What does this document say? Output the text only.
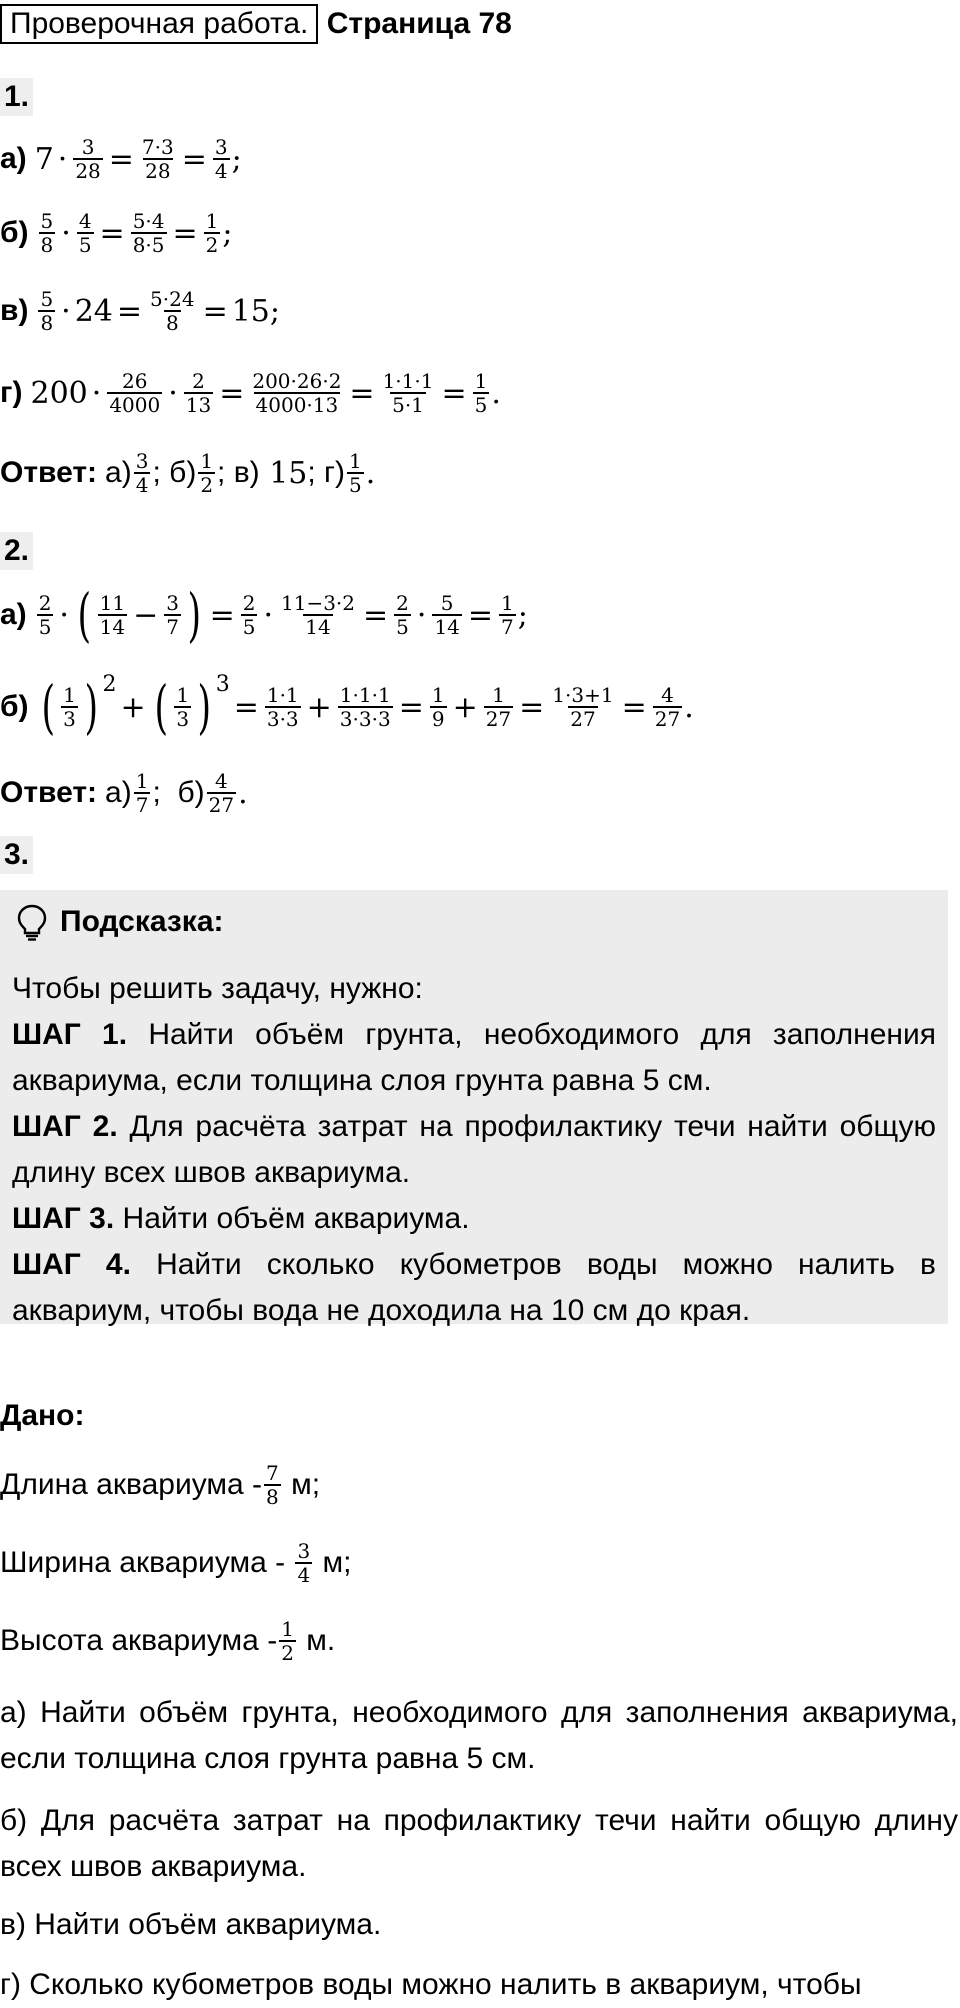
Проверочная работа. Страница 78
1.
а) $7 \cdot \frac{3}{28} = \frac{7\cdot 3}{28} = \frac{3}{4}$ ;
$б) \frac{5}{8} \cdot \frac{4}{5} = \frac{5\cdot 4}{8\cdot 5} = \frac{1}{2}$ ;
$в) \frac{5}{8} \cdot 24 = \frac{5\cdot 24}{8} = 15$ ;
г) $200 \cdot \frac{26}{4000} \cdot \frac{2}{13} = \frac{200\cdot 26\cdot 2}{4000\cdot 13} = \frac{1\cdot 1\cdot 1}{5\cdot 1} = \frac{1}{5}$ .
Ответ: $а) \frac{3}{4}$ ; $б) \frac{1}{2}$ ; в)
15 ; $г) \frac{1}{5}$ .
2.
$а) \frac{2}{5}$ · ( $\frac{11}{14} - \frac{3}{7}$ ) = $\frac{2}{5} \cdot \frac{11-3\cdot 2}{14} = \frac{2}{5} \cdot \frac{5}{14} = \frac{1}{7}$ ;
б) ( $\frac{1}{3}$ ) 2
+ ( $\frac{1}{3}$ ) 3
= $\frac{1\cdot 1}{3\cdot 3} + \frac{1\cdot 1\cdot 1}{3\cdot 3\cdot 3} = \frac{1}{9} + \frac{1}{27} = \frac{1\cdot 3+1}{27} = \frac{4}{27}$ .
Ответ: $а) \frac{1}{7}$ ;  $б) \frac{4}{27}$ .
3.
Подсказка:

Чтобы решить задачу, нужно:

ШАГ 1. Найти объём грунта, необходимого для заполнения аквариума, если толщина слоя грунта равна 5 см.

ШАГ 2. Для расчёта затрат на профилактику течи найти общую длину всех швов аквариума.

ШАГ 3. Найти объём аквариума.

ШАГ 4. Найти сколько кубометров воды можно налить в аквариум, чтобы вода не доходила на 10 см до края.

Дано:
Длина аквариума - $\frac{7}{8} м$;
Ширина аквариума - $\frac{3}{4} м$;
Высота аквариума - $\frac{1}{2} м$.

а) Найти объём грунта, необходимого для заполнения аквариума, если толщина слоя грунта равна 5 см.

б) Для расчёта затрат на профилактику течи найти общую длину всех швов аквариума.

в) Найти объём аквариума.

г) Сколько кубометров воды можно налить в аквариум, чтобы
